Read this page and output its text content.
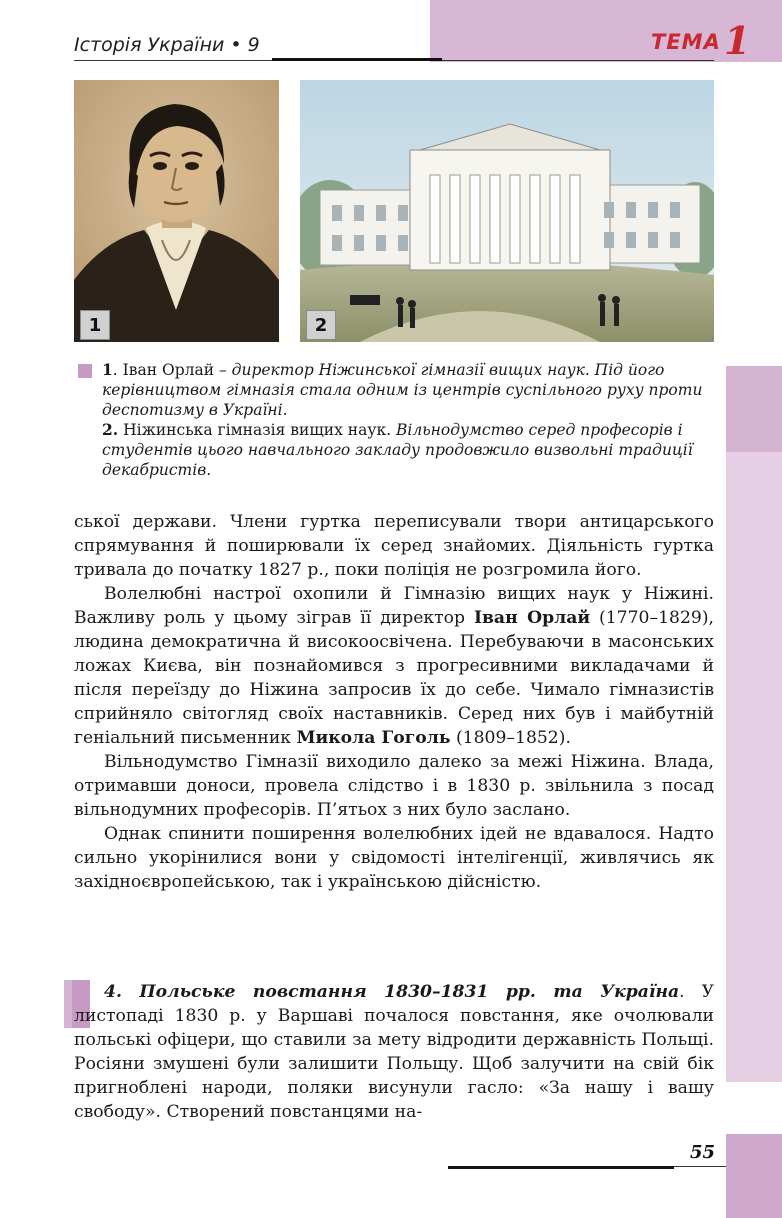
Історія України • 9	ТЕМА 1
1	2

1. Іван Орлай – директор Ніжинської гімназії вищих наук. Під його керівництвом гімназія стала одним із центрів суспільного руху проти деспотизму в Україні.

2. Ніжинська гімназія вищих наук. Вільнодумство серед професорів і студентів цього навчального закладу продовжило визвольні традиції декабристів.

ської держави. Члени гуртка переписували твори антицарського спрямування й поширювали їх серед знайомих. Діяльність гуртка тривала до початку 1827 р., поки поліція не розгромила його.

Волелюбні настрої охопили й Гімназію вищих наук у Ніжині. Важливу роль у цьому зіграв її директор Іван Орлай (1770–1829), людина демократична й високоосвічена. Перебуваючи в масонських ложах Києва, він познайомився з прогресивними викладачами й після переїзду до Ніжина запросив їх до себе. Чимало гімназистів сприйняло світогляд своїх наставників. Серед них був і майбутній геніальний письменник Микола Гоголь (1809–1852).

Вільнодумство Гімназії виходило далеко за межі Ніжина. Влада, отримавши доноси, провела слідство і в 1830 р. звільнила з посад вільнодумних професорів. П’ятьох з них було заслано.

Однак спинити поширення волелюбних ідей не вдавалося. Надто сильно укорінилися вони у свідомості інтелігенції, живлячись як західноєвропейською, так і українською дійсністю.

4. Польське повстання 1830–1831 рр. та Україна. У листопаді 1830 р. у Варшаві почалося повстання, яке очолювали польські офіцери, що ставили за мету відродити державність Польщі. Росіяни змушені були залишити Польщу. Щоб залучити на свій бік пригноблені народи, поляки висунули гасло: «За нашу і вашу свободу». Створений повстанцями на-

55
